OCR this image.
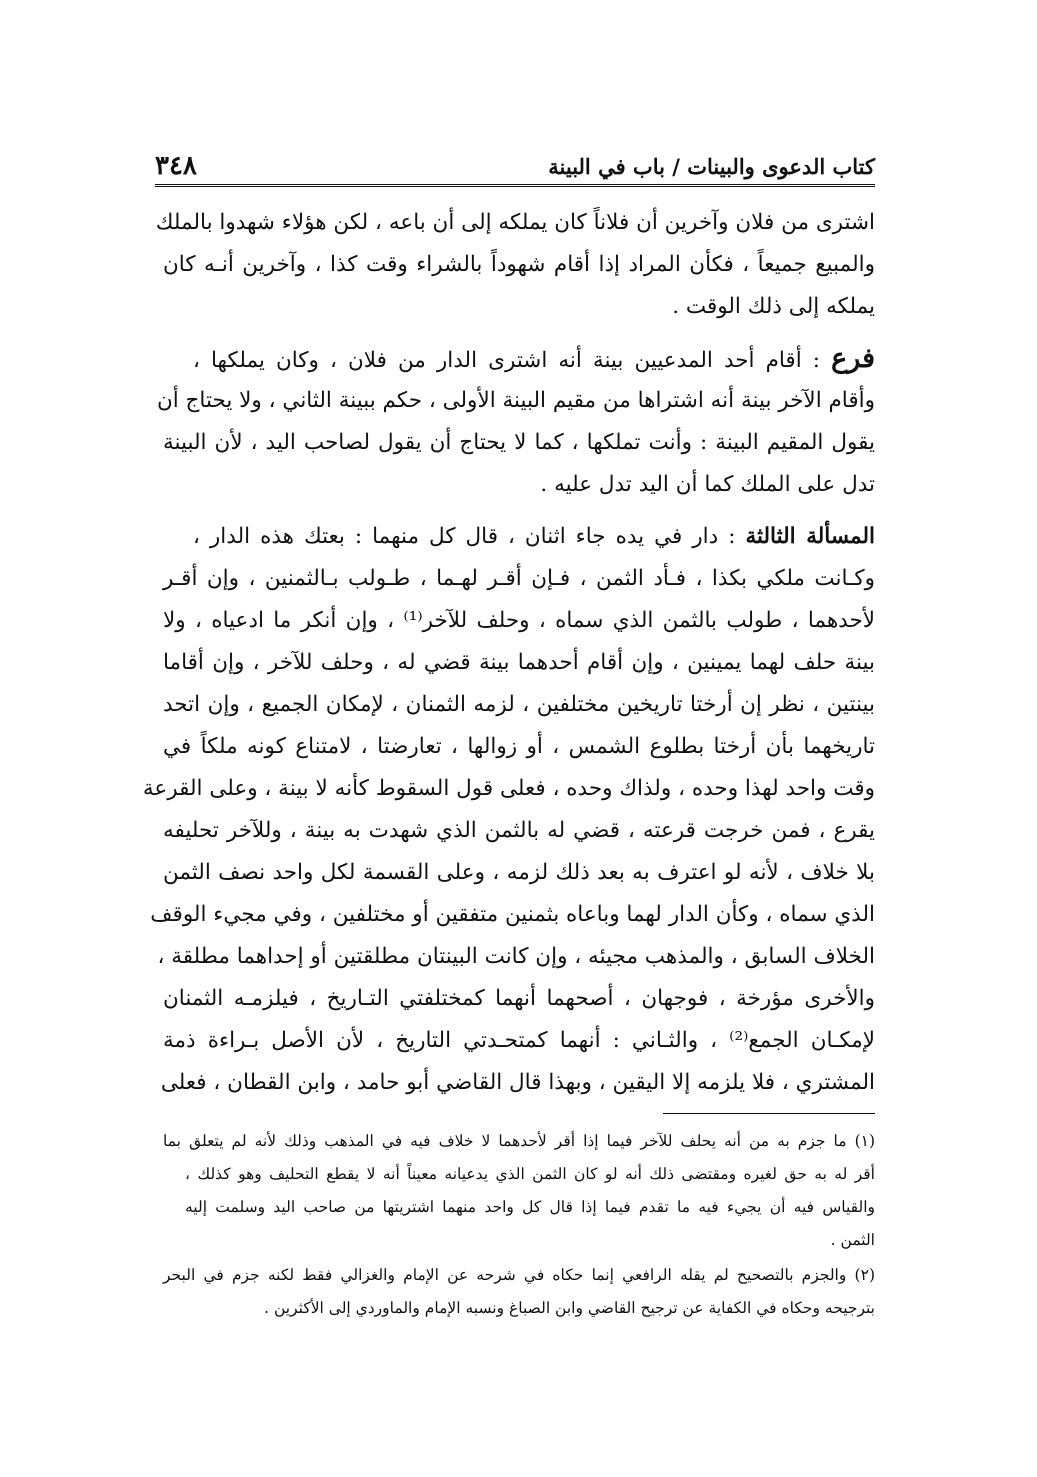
كتاب الدعوى والبينات / باب في البينة
٣٤٨
اشترى من فلان وآخرين أن فلاناً كان يملكه إلى أن باعه ، لكن هؤلاء شهدوا بالملك
والمبيع جميعاً ، فكأن المراد إذا أقام شهوداً بالشراء وقت كذا ، وآخرين أنـه كان
يملكه إلى ذلك الوقت .
فرع : أقام أحد المدعيين بينة أنه اشترى الدار من فلان ، وكان يملكها ،
وأقام الآخر بينة أنه اشتراها من مقيم البينة الأولى ، حكم ببينة الثاني ، ولا يحتاج أن
يقول المقيم البينة : وأنت تملكها ، كما لا يحتاج أن يقول لصاحب اليد ، لأن البينة
تدل على الملك كما أن اليد تدل عليه .
المسألة الثالثة : دار في يده جاء اثنان ، قال كل منهما : بعتك هذه الدار ،
وكـانت ملكي بكذا ، فـأد الثمن ، فـإن أقـر لهـما ، طـولب بـالثمنين ، وإن أقـر
لأحدهما ، طولب بالثمن الذي سماه ، وحلف للآخر⁽¹⁾ ، وإن أنكر ما ادعياه ، ولا
بينة حلف لهما يمينين ، وإن أقام أحدهما بينة قضي له ، وحلف للآخر ، وإن أقاما
بينتين ، نظر إن أرختا تاريخين مختلفين ، لزمه الثمنان ، لإمكان الجميع ، وإن اتحد
تاريخهما بأن أرختا بطلوع الشمس ، أو زوالها ، تعارضتا ، لامتناع كونه ملكاً في
وقت واحد لهذا وحده ، ولذاك وحده ، فعلى قول السقوط كأنه لا بينة ، وعلى القرعة
يقرع ، فمن خرجت قرعته ، قضي له بالثمن الذي شهدت به بينة ، وللآخر تحليفه
بلا خلاف ، لأنه لو اعترف به بعد ذلك لزمه ، وعلى القسمة لكل واحد نصف الثمن
الذي سماه ، وكأن الدار لهما وباعاه بثمنين متفقين أو مختلفين ، وفي مجيء الوقف
الخلاف السابق ، والمذهب مجيئه ، وإن كانت البينتان مطلقتين أو إحداهما مطلقة ،
والأخرى مؤرخة ، فوجهان ، أصحهما أنهما كمختلفتي التـاريخ ، فيلزمـه الثمنان
لإمكـان الجمع⁽²⁾ ، والثـاني : أنهما كمتحـدتي التاريخ ، لأن الأصل بـراءة ذمة
المشتري ، فلا يلزمه إلا اليقين ، وبهذا قال القاضي أبو حامد ، وابن القطان ، فعلى
(١) ما جزم به من أنه يحلف للآخر فيما إذا أقر لأحدهما لا خلاف فيه في المذهب وذلك لأنه لم يتعلق بما
أقر له به حق لغيره ومقتضى ذلك أنه لو كان الثمن الذي يدعيانه معيناً أنه لا يقطع التحليف وهو كذلك ،
والقياس فيه أن يجيء فيه ما تقدم فيما إذا قال كل واحد منهما اشتريتها من صاحب اليد وسلمت إليه
الثمن .
(٢) والجزم بالتصحيح لم يقله الرافعي إنما حكاه في شرحه عن الإمام والغزالي فقط لكنه جزم في البحر
بترجيحه وحكاه في الكفاية عن ترجيح القاضي وابن الصباغ ونسبه الإمام والماوردي إلى الأكثرين .
